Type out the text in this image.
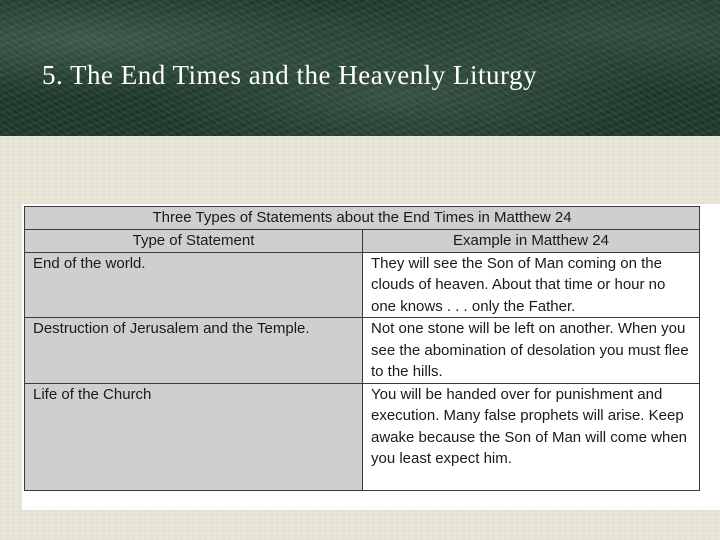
5. The End Times and the Heavenly Liturgy
Three Types of Statements about the End Times in Matthew 24	
Type of Statement	Example in Matthew 24
End of the world.	They will see the Son of Man coming on the clouds of heaven. About that time or hour no one knows . . . only the Father.
Destruction of Jerusalem and the Temple.	Not one stone will be left on another. When you see the abomination of desolation you must flee to the hills.
Life of the Church	You will be handed over for punishment and execution. Many false prophets will arise. Keep awake because the Son of Man will come when you least expect him.
